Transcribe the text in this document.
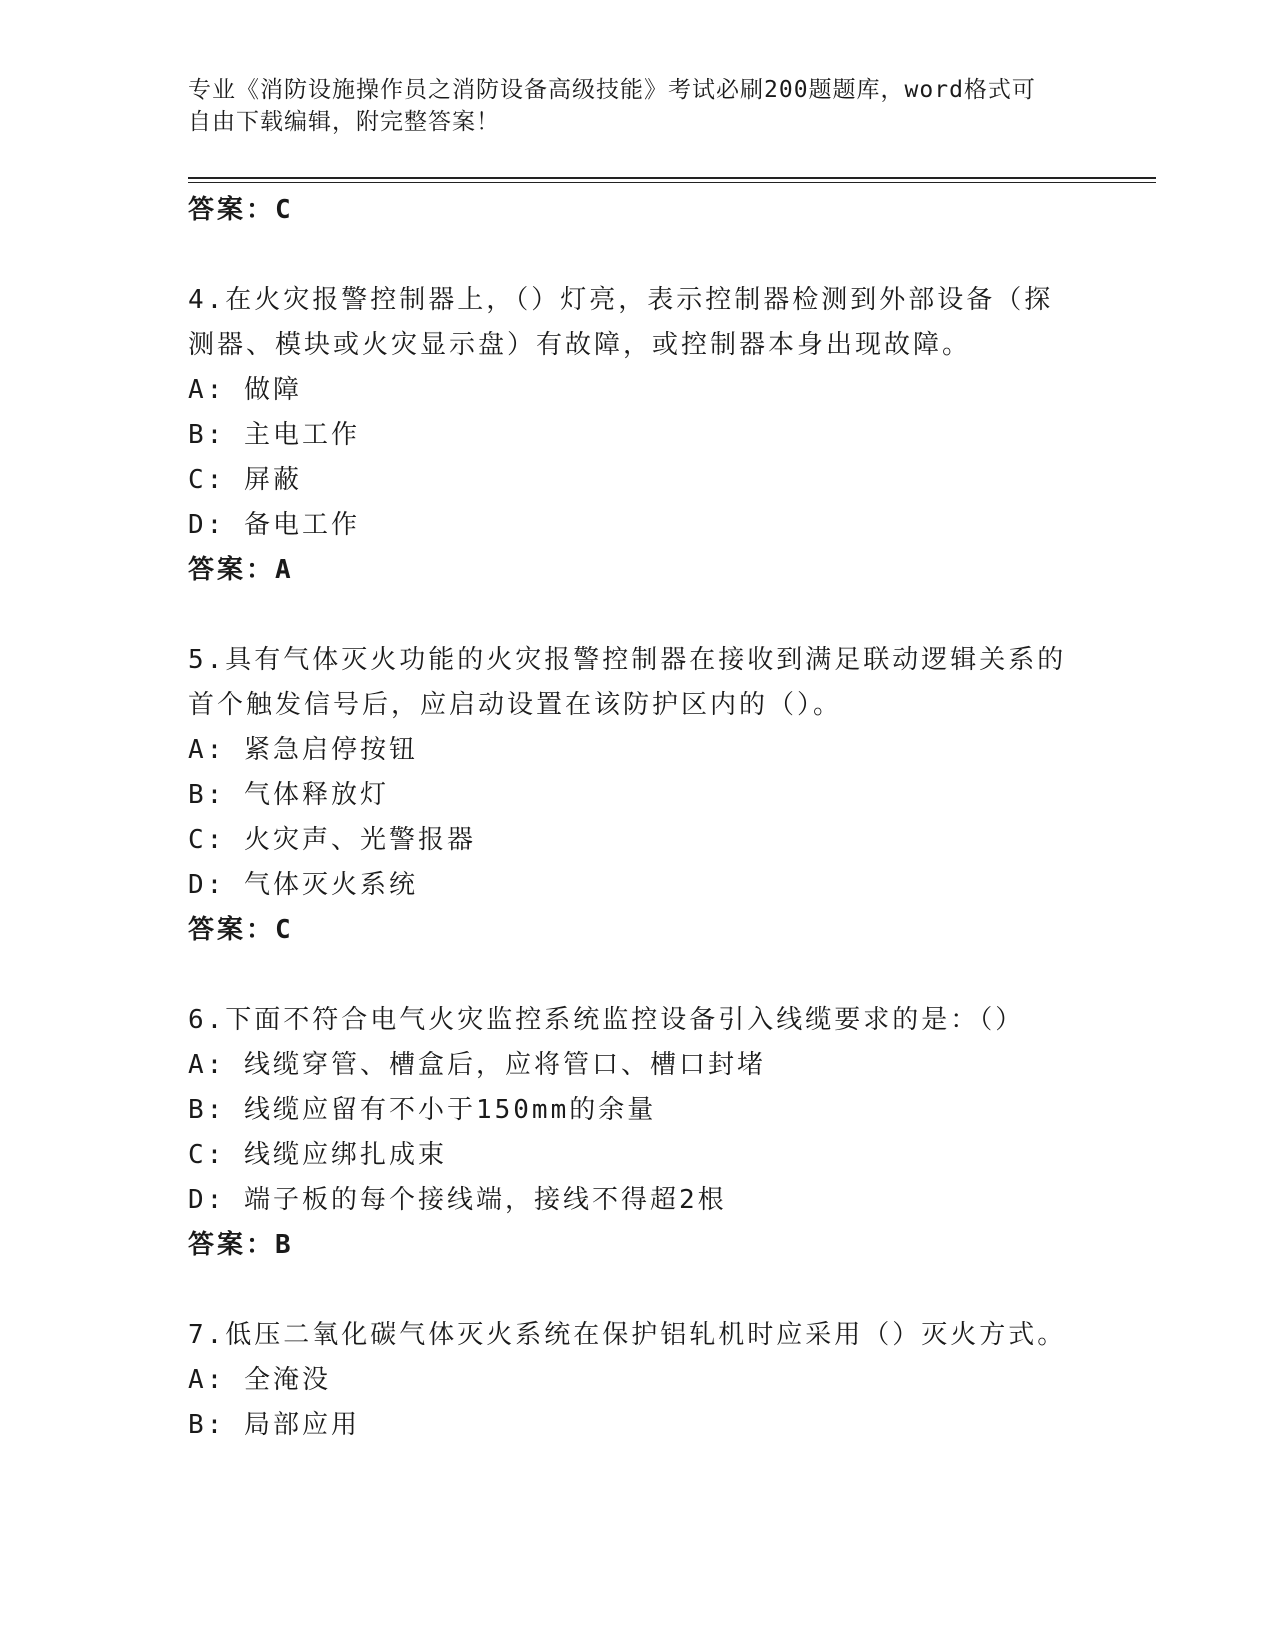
专业《消防设施操作员之消防设备高级技能》考试必刷200题题库，word格式可
自由下载编辑，附完整答案！
答案：C
4.在火灾报警控制器上，（）灯亮，表示控制器检测到外部设备（探
测器、模块或火灾显示盘）有故障，或控制器本身出现故障。
A: 做障
B: 主电工作
C: 屏蔽
D: 备电工作
答案：A
5.具有气体灭火功能的火灾报警控制器在接收到满足联动逻辑关系的
首个触发信号后，应启动设置在该防护区内的（）。
A: 紧急启停按钮
B: 气体释放灯
C: 火灾声、光警报器
D: 气体灭火系统
答案：C
6.下面不符合电气火灾监控系统监控设备引入线缆要求的是：（）
A: 线缆穿管、槽盒后，应将管口、槽口封堵
B: 线缆应留有不小于150mm的余量
C: 线缆应绑扎成束
D: 端子板的每个接线端，接线不得超2根
答案：B
7.低压二氧化碳气体灭火系统在保护铝轧机时应采用（）灭火方式。
A: 全淹没
B: 局部应用
